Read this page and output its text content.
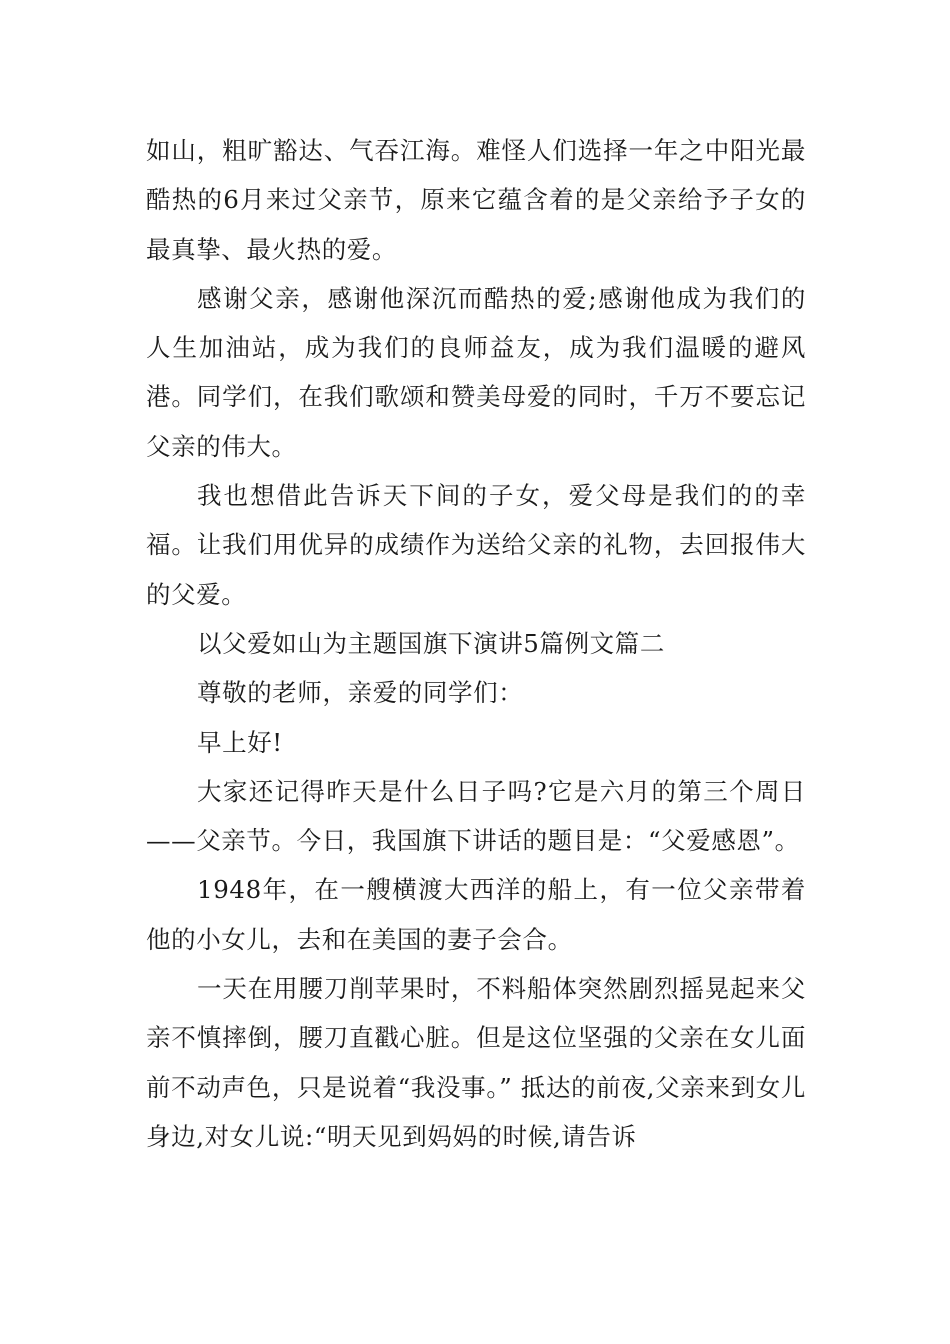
如山，粗旷豁达、气吞江海。难怪人们选择一年之中阳光最酷热的6月来过父亲节，原来它蕴含着的是父亲给予子女的最真挚、最火热的爱。

感谢父亲，感谢他深沉而酷热的爱;感谢他成为我们的人生加油站，成为我们的良师益友，成为我们温暖的避风港。同学们，在我们歌颂和赞美母爱的同时，千万不要忘记父亲的伟大。

我也想借此告诉天下间的子女，爱父母是我们的的幸福。让我们用优异的成绩作为送给父亲的礼物，去回报伟大的父爱。

以父爱如山为主题国旗下演讲5篇例文篇二

尊敬的老师，亲爱的同学们：

早上好!

大家还记得昨天是什么日子吗?它是六月的第三个周日——父亲节。今日，我国旗下讲话的题目是：“父爱感恩”。

1948年，在一艘横渡大西洋的船上，有一位父亲带着他的小女儿，去和在美国的妻子会合。

一天在用腰刀削苹果时，不料船体突然剧烈摇晃起来父亲不慎摔倒，腰刀直戳心脏。但是这位坚强的父亲在女儿面前不动声色，只是说着“我没事。” 抵达的前夜,父亲来到女儿身边,对女儿说:“明天见到妈妈的时候,请告诉
